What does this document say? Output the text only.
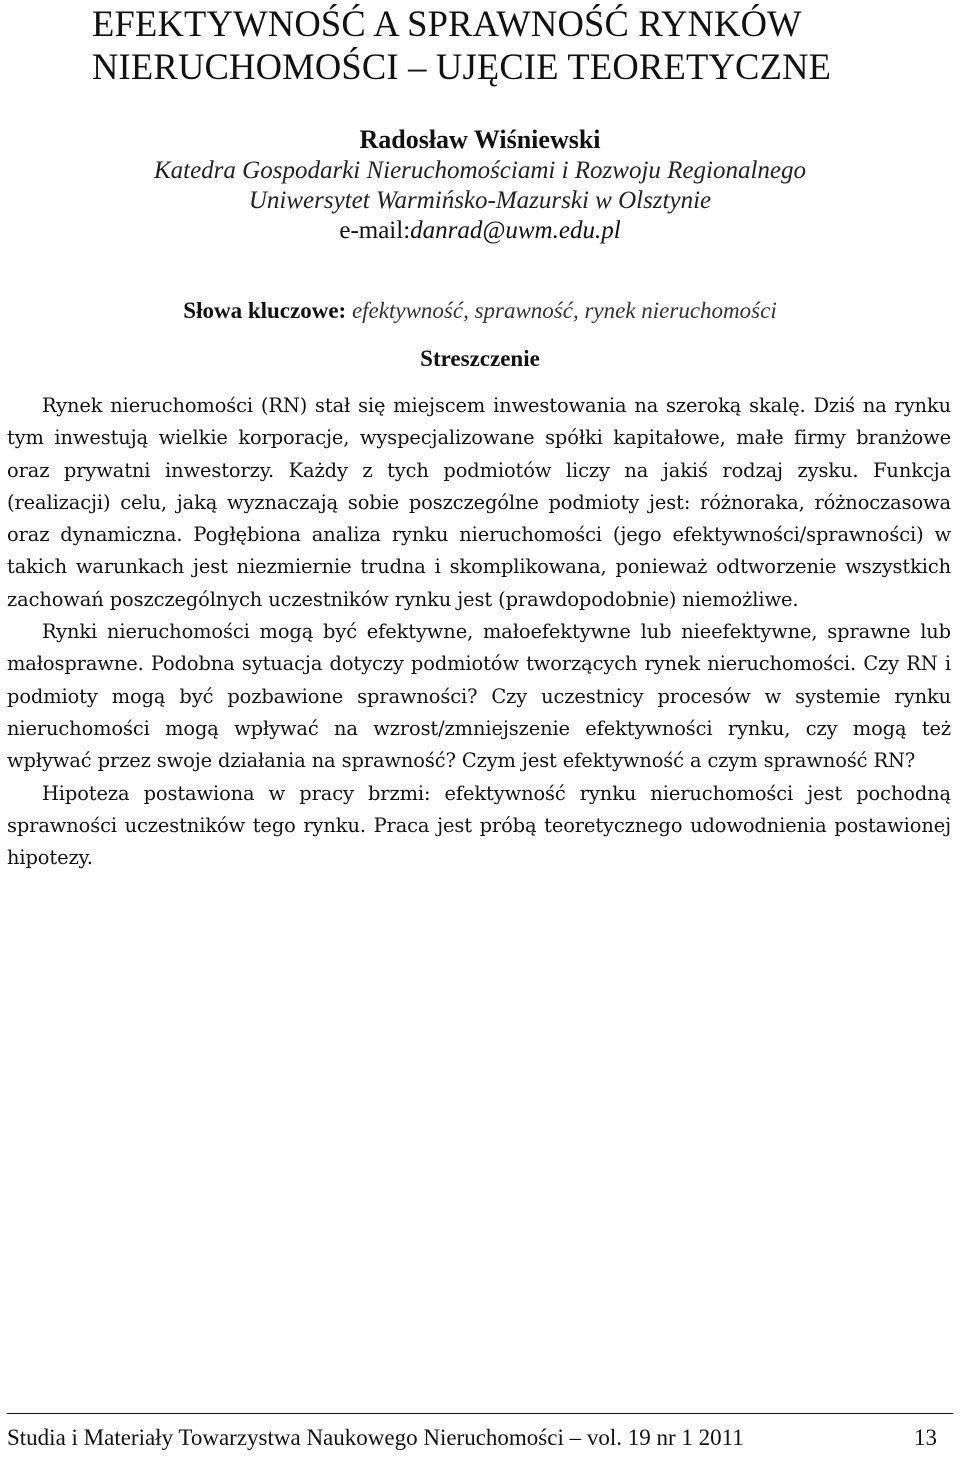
EFEKTYWNOŚĆ A SPRAWNOŚĆ RYNKÓW
NIERUCHOMOŚCI – UJĘCIE TEORETYCZNE

Radosław Wiśniewski

Katedra Gospodarki Nieruchomościami i Rozwoju Regionalnego

Uniwersytet Warmińsko-Mazurski w Olsztynie

e-mail:danrad@uwm.edu.pl

Słowa kluczowe: efektywność, sprawność, rynek nieruchomości
Streszczenie

Rynek nieruchomości (RN) stał się miejscem inwestowania na szeroką skalę. Dziś na rynku tym inwestują wielkie korporacje, wyspecjalizowane spółki kapitałowe, małe firmy branżowe oraz prywatni inwestorzy. Każdy z tych podmiotów liczy na jakiś rodzaj zysku. Funkcja (realizacji) celu, jaką wyznaczają sobie poszczególne podmioty jest: różnoraka, różnoczasowa oraz dynamiczna. Pogłębiona analiza rynku nieruchomości (jego efektywności/sprawności) w takich warunkach jest niezmiernie trudna i skomplikowana, ponieważ odtworzenie wszystkich zachowań poszczególnych uczestników rynku jest (prawdopodobnie) niemożliwe.

Rynki nieruchomości mogą być efektywne, małoefektywne lub nieefektywne, sprawne lub małosprawne. Podobna sytuacja dotyczy podmiotów tworzących rynek nieruchomości. Czy RN i podmioty mogą być pozbawione sprawności? Czy uczestnicy procesów w systemie rynku nieruchomości mogą wpływać na wzrost/zmniejszenie efektywności rynku, czy mogą też wpływać przez swoje działania na sprawność? Czym jest efektywność a czym sprawność RN?

Hipoteza postawiona w pracy brzmi: efektywność rynku nieruchomości jest pochodną sprawności uczestników tego rynku. Praca jest próbą teoretycznego udowodnienia postawionej hipotezy.

Studia i Materiały Towarzystwa Naukowego Nieruchomości – vol. 19 nr 1 2011	13
